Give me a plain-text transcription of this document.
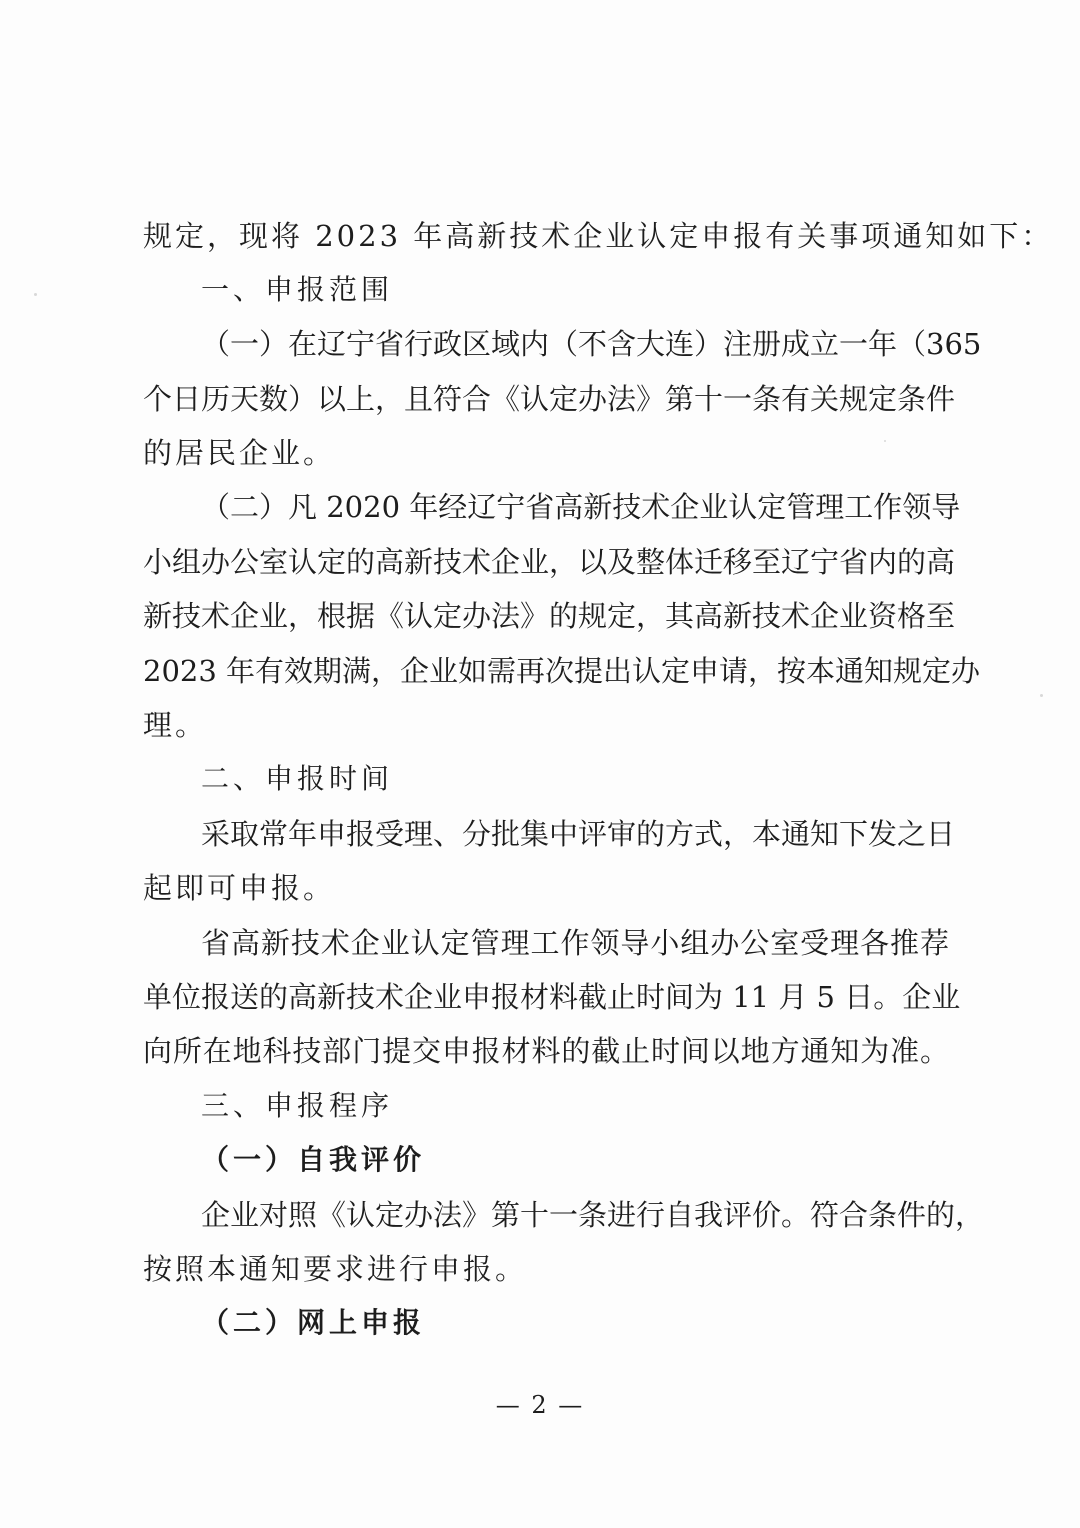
规定，现将 2023 年高新技术企业认定申报有关事项通知如下：
一、申报范围
（一）在辽宁省行政区域内（不含大连）注册成立一年（365
个日历天数）以上，且符合《认定办法》第十一条有关规定条件
的居民企业。
（二）凡 2020 年经辽宁省高新技术企业认定管理工作领导
小组办公室认定的高新技术企业，以及整体迁移至辽宁省内的高
新技术企业，根据《认定办法》的规定，其高新技术企业资格至
2023 年有效期满，企业如需再次提出认定申请，按本通知规定办
理。
二、申报时间
采取常年申报受理、分批集中评审的方式，本通知下发之日
起即可申报。
省高新技术企业认定管理工作领导小组办公室受理各推荐
单位报送的高新技术企业申报材料截止时间为 11 月 5 日。企业
向所在地科技部门提交申报材料的截止时间以地方通知为准。
三、申报程序
（一）自我评价
企业对照《认定办法》第十一条进行自我评价。符合条件的，
按照本通知要求进行申报。
（二）网上申报
— 2 —
